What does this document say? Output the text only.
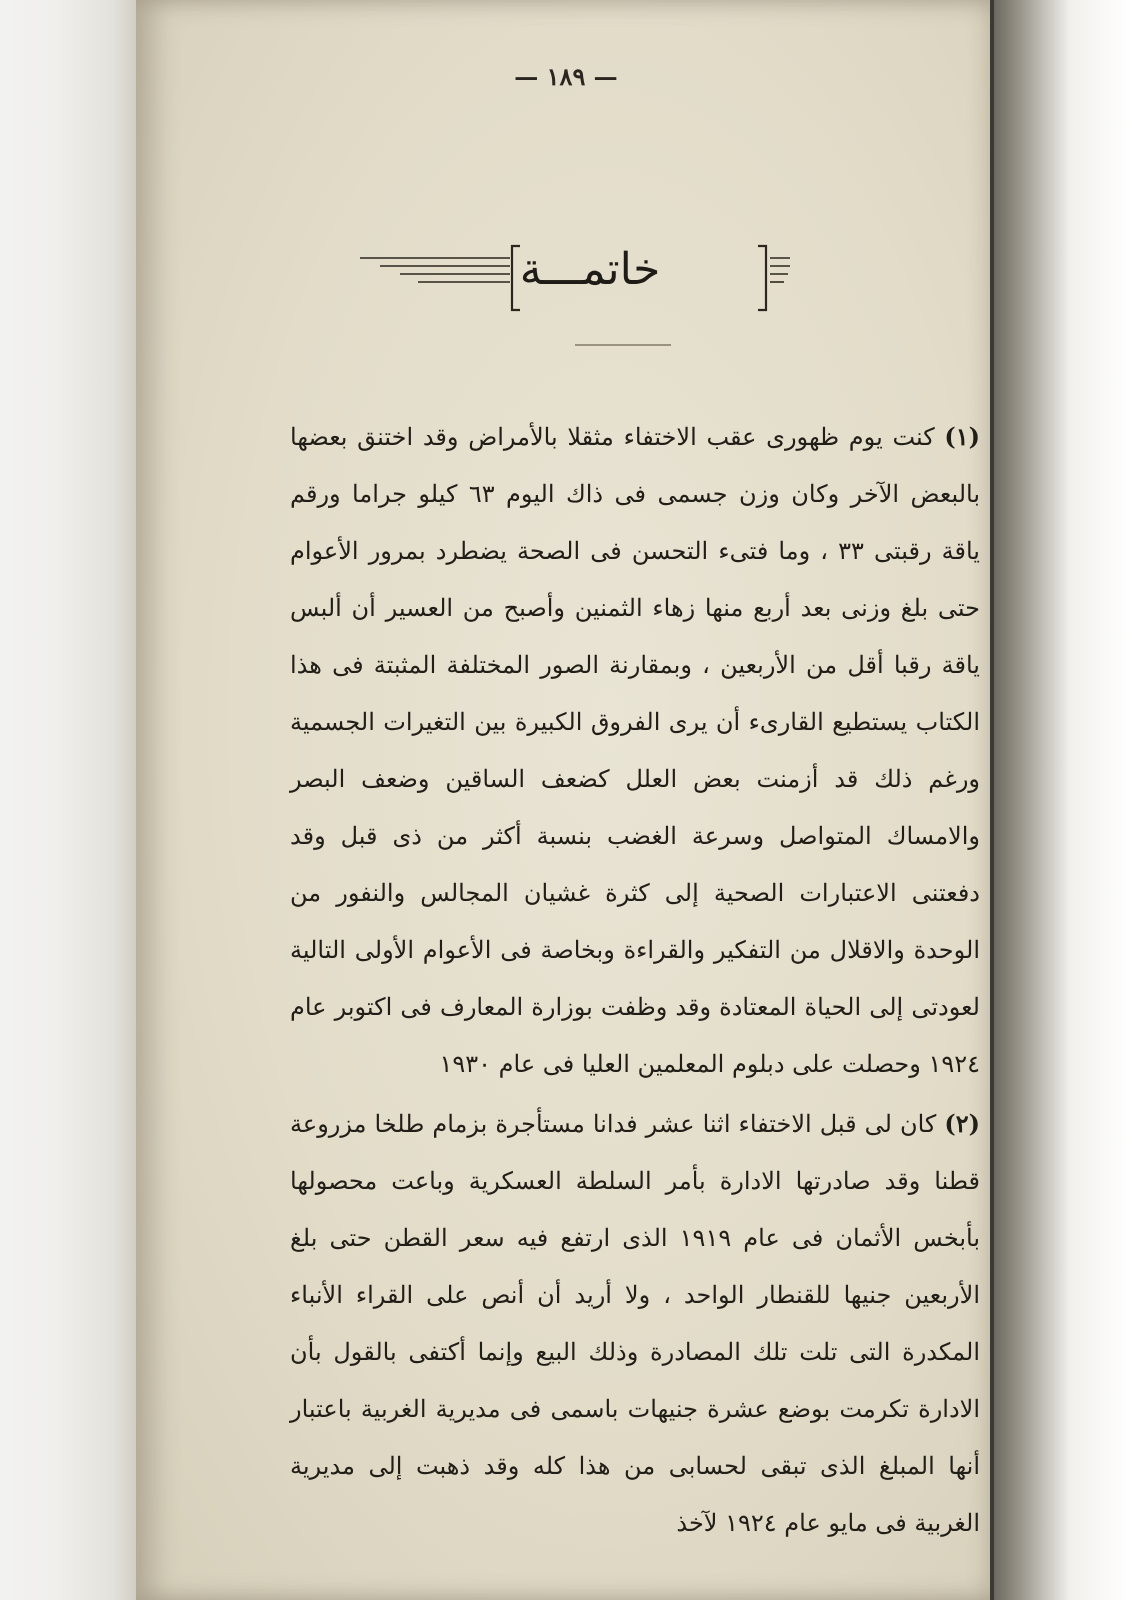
— ١٨٩ —
خاتمـــة

(١) كنت يوم ظهورى عقب الاختفاء مثقلا بالأمراض وقد اختنق بعضها بالبعض الآخر وكان وزن جسمى فى ذاك اليوم ٦٣ كيلو جراما ورقم ياقة رقبتى ٣٣ ، وما فتىء التحسن فى الصحة يضطرد بمرور الأعوام حتى بلغ وزنى بعد أربع منها زهاء الثمنين وأصبح من العسير أن ألبس ياقة رقبا أقل من الأربعين ، وبمقارنة الصور المختلفة المثبتة فى هذا الكتاب يستطيع القارىء أن يرى الفروق الكبيرة بين التغيرات الجسمية ورغم ذلك قد أزمنت بعض العلل كضعف الساقين وضعف البصر والامساك المتواصل وسرعة الغضب بنسبة أكثر من ذى قبل وقد دفعتنى الاعتبارات الصحية إلى كثرة غشيان المجالس والنفور من الوحدة والاقلال من التفكير والقراءة وبخاصة فى الأعوام الأولى التالية لعودتى إلى الحياة المعتادة وقد وظفت بوزارة المعارف فى اكتوبر عام ١٩٢٤ وحصلت على دبلوم المعلمين العليا فى عام ١٩٣٠

(٢) كان لى قبل الاختفاء اثنا عشر فدانا مستأجرة بزمام طلخا مزروعة قطنا وقد صادرتها الادارة بأمر السلطة العسكرية وباعت محصولها بأبخس الأثمان فى عام ١٩١٩ الذى ارتفع فيه سعر القطن حتى بلغ الأربعين جنيها للقنطار الواحد ، ولا أريد أن أنص على القراء الأنباء المكدرة التى تلت تلك المصادرة وذلك البيع وإنما أكتفى بالقول بأن الادارة تكرمت بوضع عشرة جنيهات باسمى فى مديرية الغربية باعتبار أنها المبلغ الذى تبقى لحسابى من هذا كله وقد ذهبت إلى مديرية الغربية فى مايو عام ١٩٢٤ لآخذ
